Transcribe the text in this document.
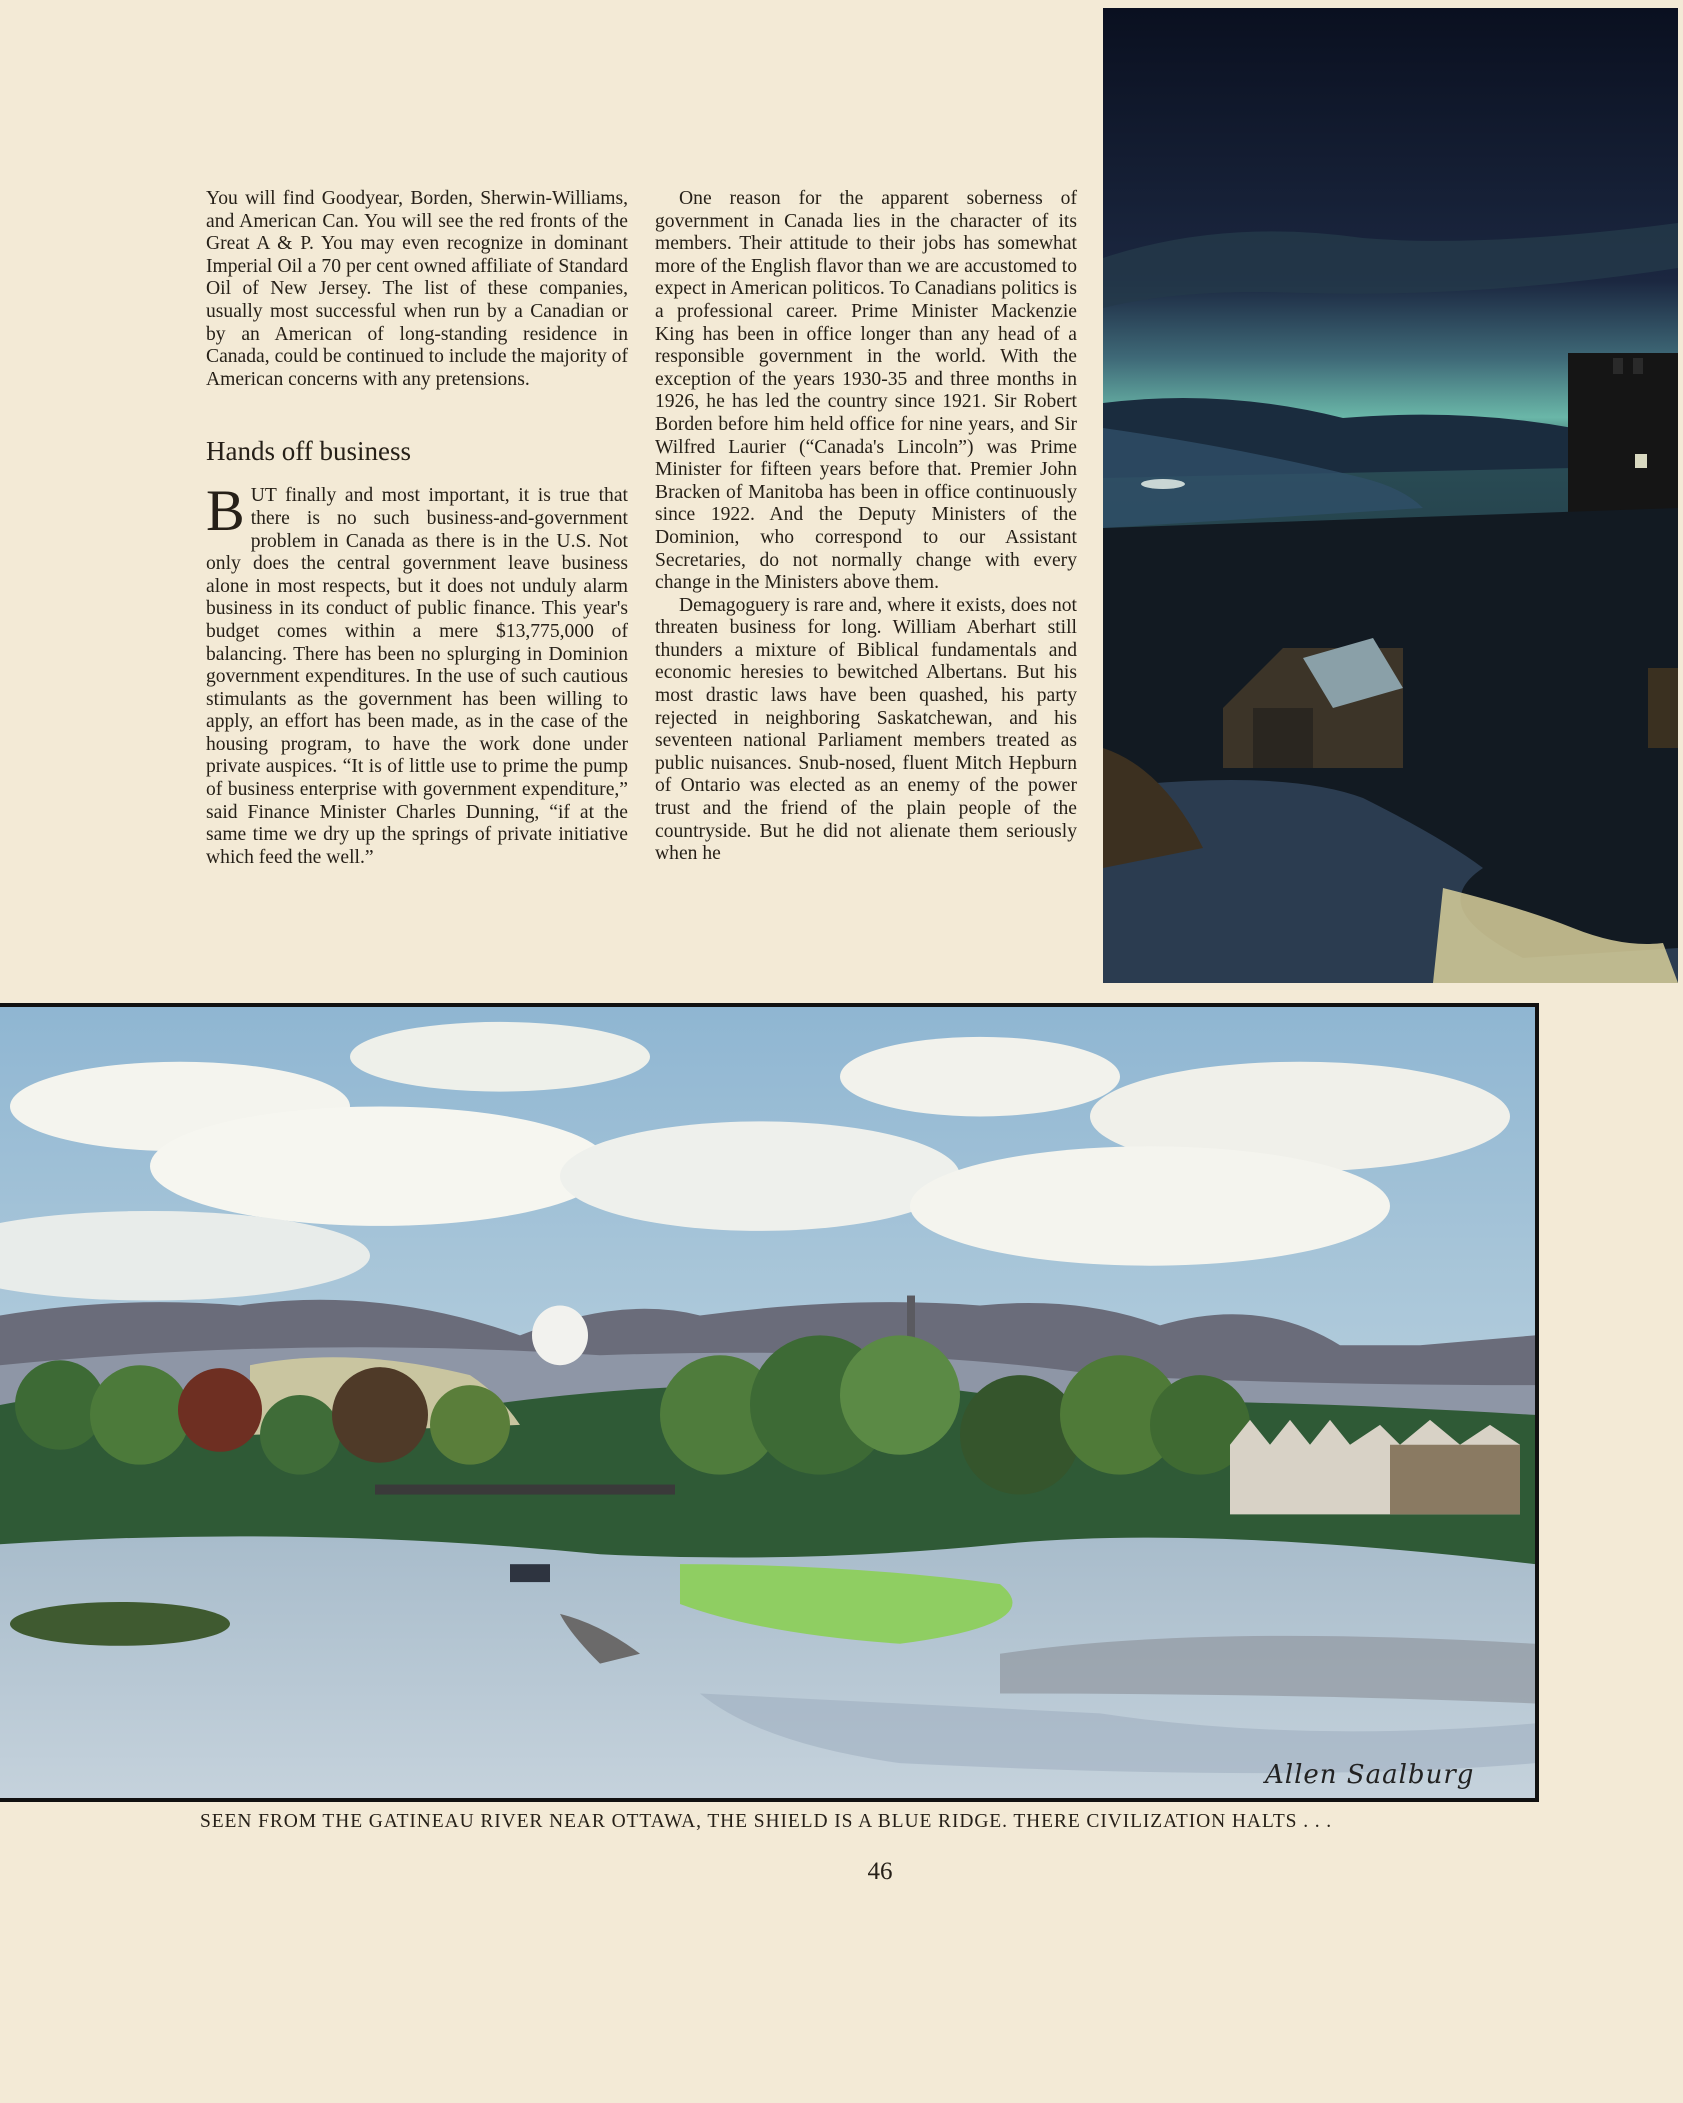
You will find Goodyear, Borden, Sherwin-Williams, and American Can. You will see the red fronts of the Great A & P. You may even recognize in dominant Imperial Oil a 70 per cent owned affiliate of Standard Oil of New Jersey. The list of these companies, usually most successful when run by a Canadian or by an American of long-standing residence in Canada, could be continued to include the majority of American concerns with any pretensions.

Hands off business

BUT finally and most important, it is true that there is no such business-and-government problem in Canada as there is in the U.S. Not only does the central government leave business alone in most respects, but it does not unduly alarm business in its conduct of public finance. This year's budget comes within a mere $13,775,000 of balancing. There has been no splurging in Dominion government expenditures. In the use of such cautious stimulants as the government has been willing to apply, an effort has been made, as in the case of the housing program, to have the work done under private auspices. “It is of little use to prime the pump of business enterprise with government expenditure,” said Finance Minister Charles Dunning, “if at the same time we dry up the springs of private initiative which feed the well.”

One reason for the apparent soberness of government in Canada lies in the character of its members. Their attitude to their jobs has somewhat more of the English flavor than we are accustomed to expect in American politicos. To Canadians politics is a professional career. Prime Minister Mackenzie King has been in office longer than any head of a responsible government in the world. With the exception of the years 1930-35 and three months in 1926, he has led the country since 1921. Sir Robert Borden before him held office for nine years, and Sir Wilfred Laurier (“Canada's Lincoln”) was Prime Minister for fifteen years before that. Premier John Bracken of Manitoba has been in office continuously since 1922. And the Deputy Ministers of the Dominion, who correspond to our Assistant Secretaries, do not normally change with every change in the Ministers above them.

Demagoguery is rare and, where it exists, does not threaten business for long. William Aberhart still thunders a mixture of Biblical fundamentals and economic heresies to bewitched Albertans. But his most drastic laws have been quashed, his party rejected in neighboring Saskatchewan, and his seventeen national Parliament members treated as public nuisances. Snub-nosed, fluent Mitch Hepburn of Ontario was elected as an enemy of the power trust and the friend of the plain people of the countryside. But he did not alienate them seriously when he

Allen Saalburg
SEEN FROM THE GATINEAU RIVER NEAR OTTAWA, THE SHIELD IS A BLUE RIDGE. THERE CIVILIZATION HALTS . . .
46
